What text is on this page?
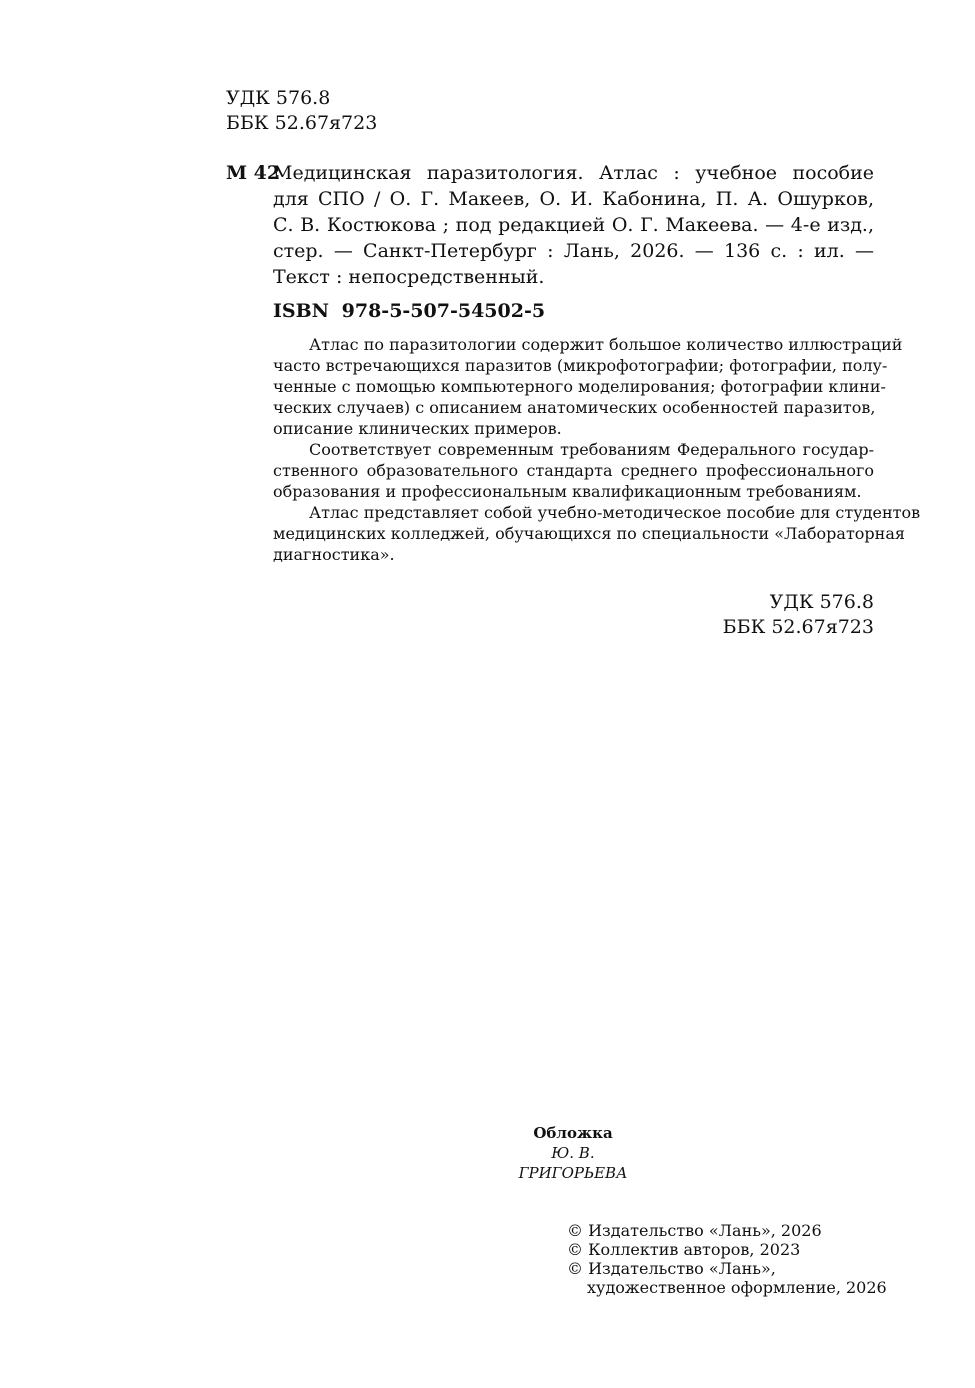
УДК 576.8
ББК 52.67я723
М 42
Медицинская паразитология. Атлас : учебное пособие
для СПО / О. Г. Макеев, О. И. Кабонина, П. А. Ошурков,
С. В. Костюкова ; под редакцией О. Г. Макеева. — 4-е изд.,
стер. — Санкт-Петербург : Лань, 2026. — 136 с. : ил. —
Текст : непосредственный.
ISBN 978-5-507-54502-5
Атлас по паразитологии содержит большое количество иллюстраций
часто встречающихся паразитов (микрофотографии; фотографии, полу-
ченные с помощью компьютерного моделирования; фотографии клини-
ческих случаев) с описанием анатомических особенностей паразитов,
описание клинических примеров.
Соответствует современным требованиям Федерального государ-
ственного образовательного стандарта среднего профессионального
образования и профессиональным квалификационным требованиям.
Атлас представляет собой учебно-методическое пособие для студентов
медицинских колледжей, обучающихся по специальности «Лабораторная
диагностика».
УДК 576.8
ББК 52.67я723
Обложка
Ю. В. ГРИГОРЬЕВА
© Издательство «Лань», 2026
© Коллектив авторов, 2023
© Издательство «Лань»,
художественное оформление, 2026
